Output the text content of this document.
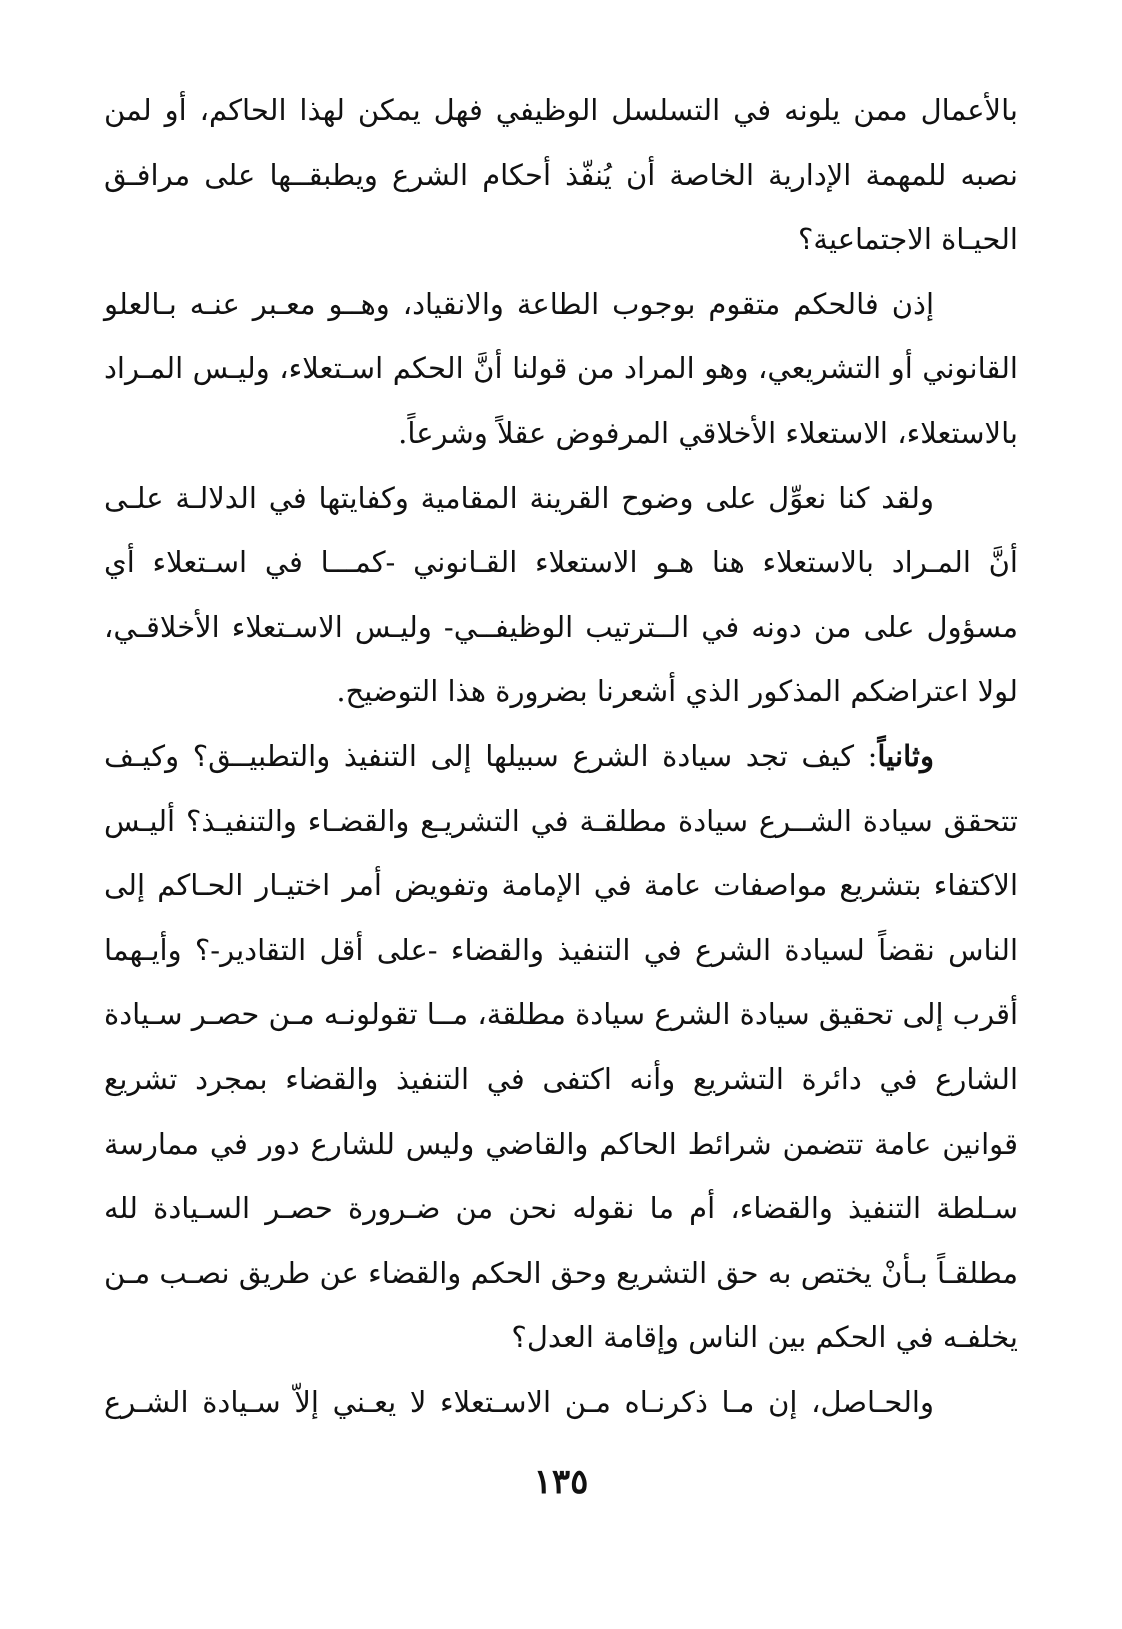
بالأعمال ممن يلونه في التسلسل الوظيفي فهل يمكن لهذا الحاكم، أو لمن نصبه للمهمة الإدارية الخاصة أن يُنفّذ أحكام الشرع ويطبقــها على مرافـق الحيـاة الاجتماعية؟

إذن فالحكم متقوم بوجوب الطاعة والانقياد، وهــو معـبر عنـه بـالعلو القانوني أو التشريعي، وهو المراد من قولنا أنَّ الحكم اسـتعلاء، وليـس المـراد بالاستعلاء، الاستعلاء الأخلاقي المرفوض عقلاً وشرعاً.

ولقد كنا نعوِّل على وضوح القرينة المقامية وكفايتها في الدلالـة علـى أنَّ المـراد بالاستعلاء هنا هـو الاستعلاء القـانوني -كمـــا في اسـتعلاء أي مسؤول على من دونه في الــترتيب الوظيفــي- وليـس الاسـتعلاء الأخلاقـي، لولا اعتراضكم المذكور الذي أشعرنا بضرورة هذا التوضيح.

وثانياً: كيف تجد سيادة الشرع سبيلها إلى التنفيذ والتطبيــق؟ وكيـف تتحقق سيادة الشــرع سيادة مطلقـة في التشريـع والقضـاء والتنفيـذ؟ أليـس الاكتفاء بتشريع مواصفات عامة في الإمامة وتفويض أمر اختيـار الحـاكم إلى الناس نقضاً لسيادة الشرع في التنفيذ والقضاء -على أقل التقادير-؟ وأيـهما أقرب إلى تحقيق سيادة الشرع سيادة مطلقة، مــا تقولونـه مـن حصـر سـيادة الشارع في دائرة التشريع وأنه اكتفى في التنفيذ والقضاء بمجرد تشريع قوانين عامة تتضمن شرائط الحاكم والقاضي وليس للشارع دور في ممارسة سـلطة التنفيذ والقضاء، أم ما نقوله نحن من ضـرورة حصـر السـيادة لله مطلقـاً بـأنْ يختص به حق التشريع وحق الحكم والقضاء عن طريق نصـب مـن يخلفـه في الحكم بين الناس وإقامة العدل؟

والحـاصل، إن مـا ذكرنـاه مـن الاسـتعلاء لا يعـني إلاّ سـيادة الشـرع

١٣٥
